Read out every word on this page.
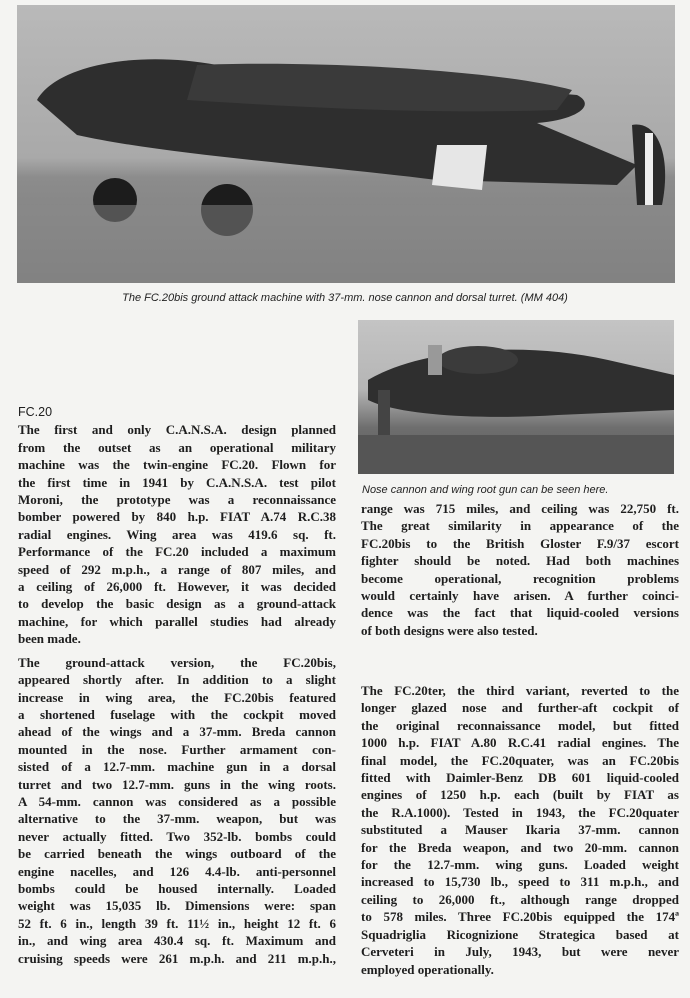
The FC.20bis ground attack machine with 37-mm. nose cannon and dorsal turret. (MM 404)
Nose cannon and wing root gun can be seen here.
FC.20
The first and only C.A.N.S.A. design planned
from the outset as an operational military
machine was the twin-engine FC.20. Flown for
the first time in 1941 by C.A.N.S.A. test pilot
Moroni, the prototype was a reconnaissance
bomber powered by 840 h.p. FIAT A.74 R.C.38
radial engines. Wing area was 419.6 sq. ft.
Performance of the FC.20 included a maximum
speed of 292 m.p.h., a range of 807 miles, and
a ceiling of 26,000 ft. However, it was decided
to develop the basic design as a ground-attack
machine, for which parallel studies had already
been made.
The ground-attack version, the FC.20bis,
appeared shortly after. In addition to a slight
increase in wing area, the FC.20bis featured
a shortened fuselage with the cockpit moved
ahead of the wings and a 37-mm. Breda cannon
mounted in the nose. Further armament con-
sisted of a 12.7-mm. machine gun in a dorsal
turret and two 12.7-mm. guns in the wing roots.
A 54-mm. cannon was considered as a possible
alternative to the 37-mm. weapon, but was
never actually fitted. Two 352-lb. bombs could
be carried beneath the wings outboard of the
engine nacelles, and 126 4.4-lb. anti-personnel
bombs could be housed internally. Loaded
weight was 15,035 lb. Dimensions were: span
52 ft. 6 in., length 39 ft. 11½ in., height 12 ft. 6
in., and wing area 430.4 sq. ft. Maximum and
cruising speeds were 261 m.p.h. and 211 m.p.h.,
range was 715 miles, and ceiling was 22,750 ft.
The great similarity in appearance of the
FC.20bis to the British Gloster F.9/37 escort
fighter should be noted. Had both machines
become operational, recognition problems
would certainly have arisen. A further coinci-
dence was the fact that liquid-cooled versions
of both designs were also tested.
The FC.20ter, the third variant, reverted to the
longer glazed nose and further-aft cockpit of
the original reconnaissance model, but fitted
1000 h.p. FIAT A.80 R.C.41 radial engines. The
final model, the FC.20quater, was an FC.20bis
fitted with Daimler-Benz DB 601 liquid-cooled
engines of 1250 h.p. each (built by FIAT as
the R.A.1000). Tested in 1943, the FC.20quater
substituted a Mauser Ikaria 37-mm. cannon
for the Breda weapon, and two 20-mm. cannon
for the 12.7-mm. wing guns. Loaded weight
increased to 15,730 lb., speed to 311 m.p.h., and
ceiling to 26,000 ft., although range dropped
to 578 miles. Three FC.20bis equipped the 174ª
Squadriglia Ricognizione Strategica based at
Cerveteri in July, 1943, but were never
employed operationally.
